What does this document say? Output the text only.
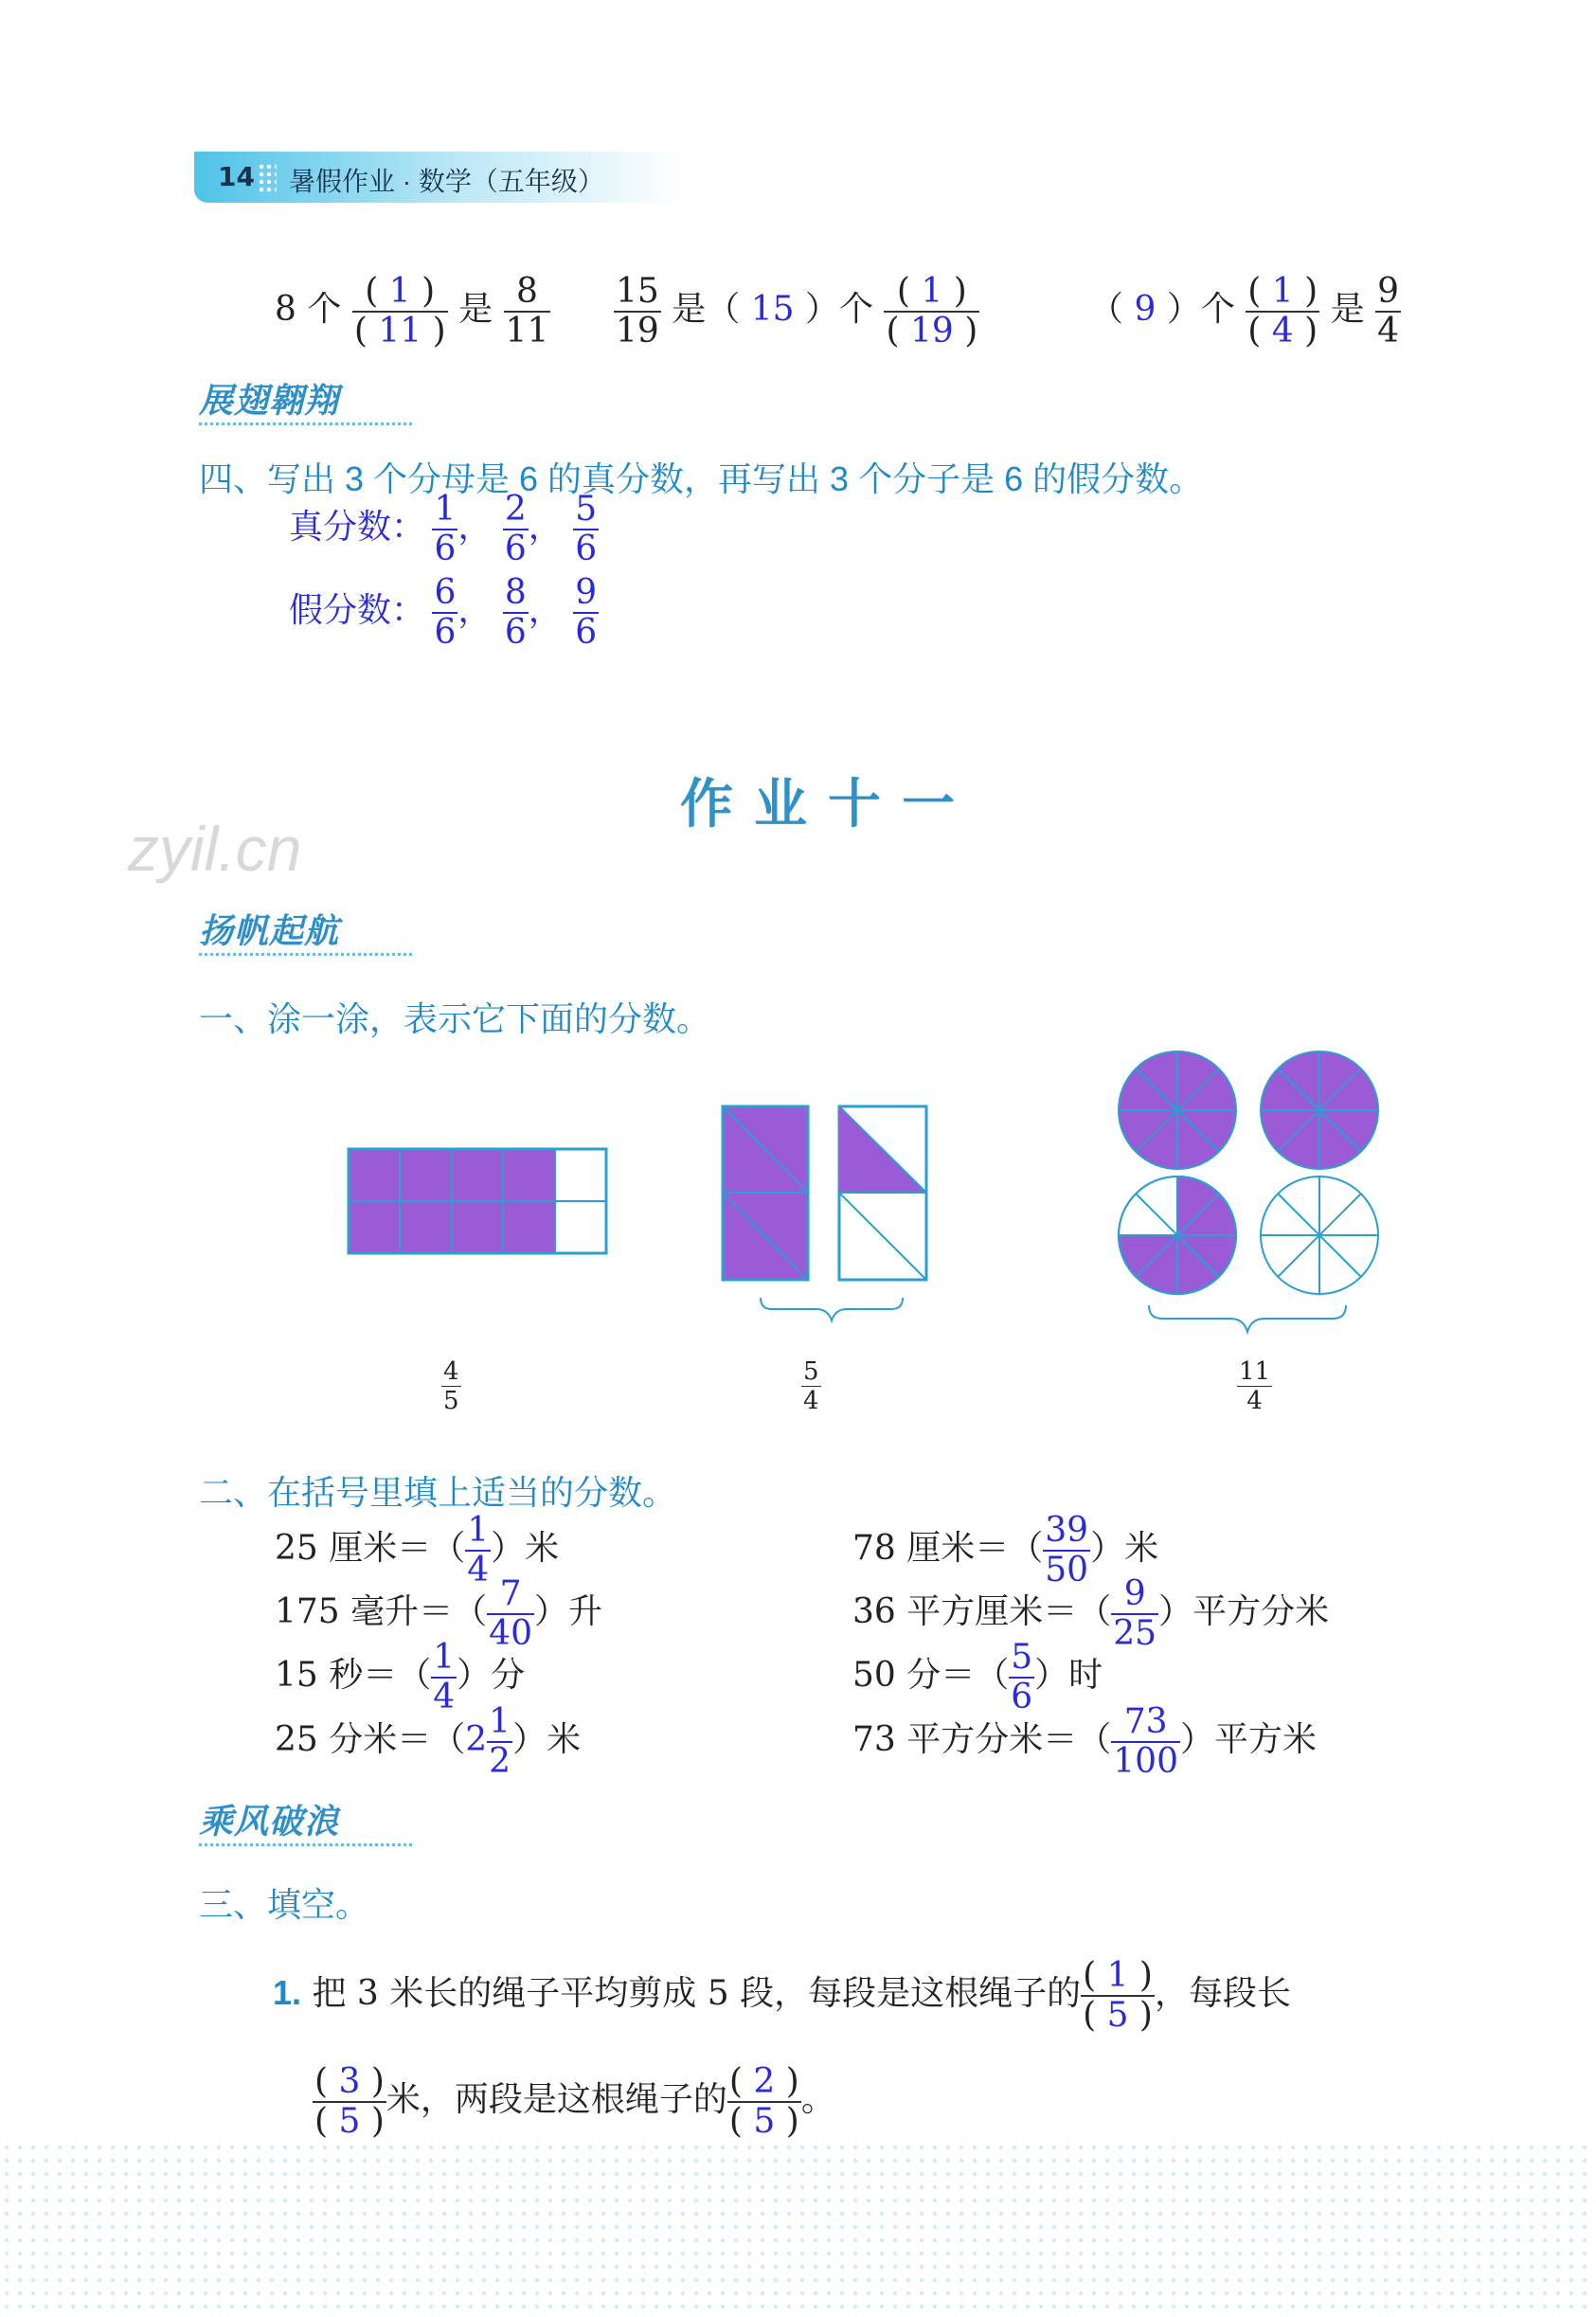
14 暑假作业 · 数学（五年级）
8 个 $\frac{( 1 )}{( 11 )}$ 是 $\frac{8}{11} \frac{15}{19}$ 是（ 15 ）个 $\frac{( 1 )}{( 19 )}$	（ 9 ）个 $\frac{( 1 )}{( 4 )}$ 是 $\frac{9}{4}$
展翅翱翔
四、写出 3 个分母是 6 的真分数，再写出 3 个分子是 6 的假分数。
真分数： $\frac{1}{6}$ ， $\frac{2}{6}$ ， $\frac{5}{6}$
假分数： $\frac{6}{6}$ ， $\frac{8}{6}$ ， $\frac{9}{6}$
作业十一
zyil.cn
扬帆起航
一、涂一涂，表示它下面的分数。
$\frac{4}{5}$	$\frac{5}{4}$	$\frac{11}{4}$
二、在括号里填上适当的分数。
25 厘米＝（ $\frac{1}{4}$ ）米
175 毫升＝（ $\frac{7}{40}$ ）升
15 秒＝（ $\frac{1}{4}$ ）分
25 分米$=(2 \frac{1}{2}$ ）米
78 厘米＝（ $\frac{39}{50}$ ）米
36 平方厘米＝（ $\frac{9}{25}$ ）平方分米
50 分＝（ $\frac{5}{6}$ ）时
73 平方分米＝（ $\frac{73}{100}$ ）平方米
乘风破浪
三、填空。
1. 把 3 米长的绳子平均剪成 5 段，每段是这根绳子的 $\frac{( 1 )}{( 5 )}$ ，每段长
$\frac{( 3 )}{( 5 )}$ 米，两段是这根绳子的 $\frac{( 2 )}{( 5 )}$ 。
